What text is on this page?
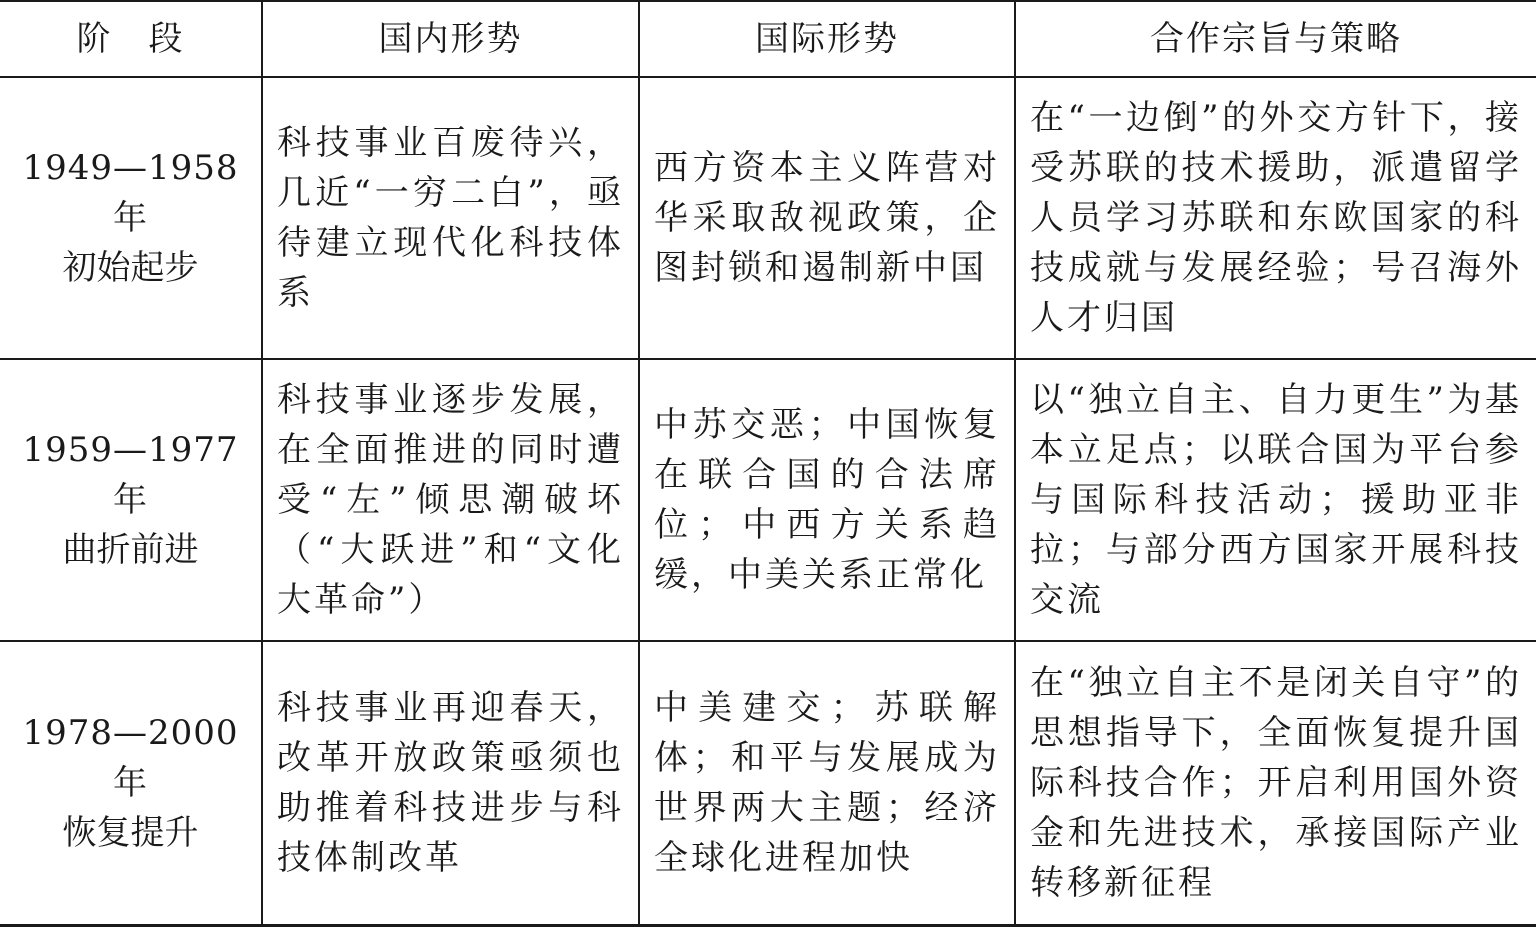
阶　段	国内形势	国际形势	合作宗旨与策略

1949—1958 年
初始起步	科技事业百废待兴，几近“一穷二白”，亟待建立现代化科技体系	西方资本主义阵营对华采取敌视政策，企图封锁和遏制新中国	在“一边倒”的外交方针下，接受苏联的技术援助，派遣留学人员学习苏联和东欧国家的科技成就与发展经验；号召海外人才归国

1959—1977 年
曲折前进	科技事业逐步发展，在全面推进的同时遭受“左”倾思潮破坏（“大跃进”和“文化大革命”）	中苏交恶；中国恢复在联合国的合法席位；中西方关系趋缓，中美关系正常化	以“独立自主、自力更生”为基本立足点；以联合国为平台参与国际科技活动；援助亚非拉；与部分西方国家开展科技交流

1978—2000 年
恢复提升	科技事业再迎春天，改革开放政策亟须也助推着科技进步与科技体制改革	中美建交；苏联解体；和平与发展成为世界两大主题；经济全球化进程加快	在“独立自主不是闭关自守”的思想指导下，全面恢复提升国际科技合作；开启利用国外资金和先进技术，承接国际产业转移新征程
